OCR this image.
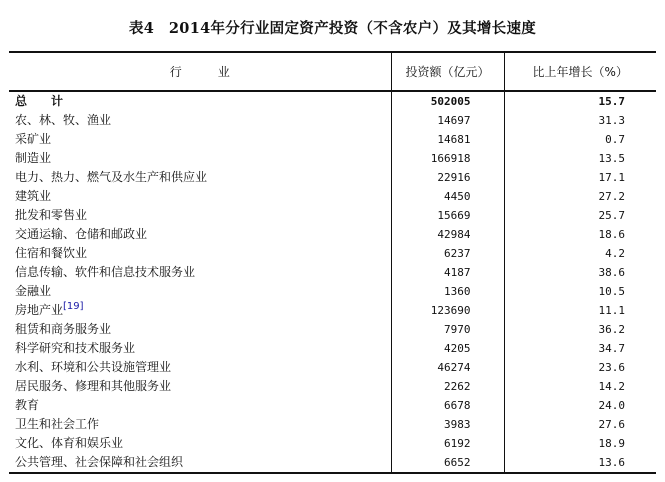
表4　2014年分行业固定资产投资（不含农户）及其增长速度
行　　　业	投资额（亿元）	比上年增长（%）
总　　计	502005	15.7
农、林、牧、渔业	14697	31.3
采矿业	14681	0.7
制造业	166918	13.5
电力、热力、燃气及水生产和供应业	22916	17.1
建筑业	4450	27.2
批发和零售业	15669	25.7
交通运输、仓储和邮政业	42984	18.6
住宿和餐饮业	6237	4.2
信息传输、软件和信息技术服务业	4187	38.6
金融业	1360	10.5
房地产业[19]	123690	11.1
租赁和商务服务业	7970	36.2
科学研究和技术服务业	4205	34.7
水利、环境和公共设施管理业	46274	23.6
居民服务、修理和其他服务业	2262	14.2
教育	6678	24.0
卫生和社会工作	3983	27.6
文化、体育和娱乐业	6192	18.9
公共管理、社会保障和社会组织	6652	13.6
